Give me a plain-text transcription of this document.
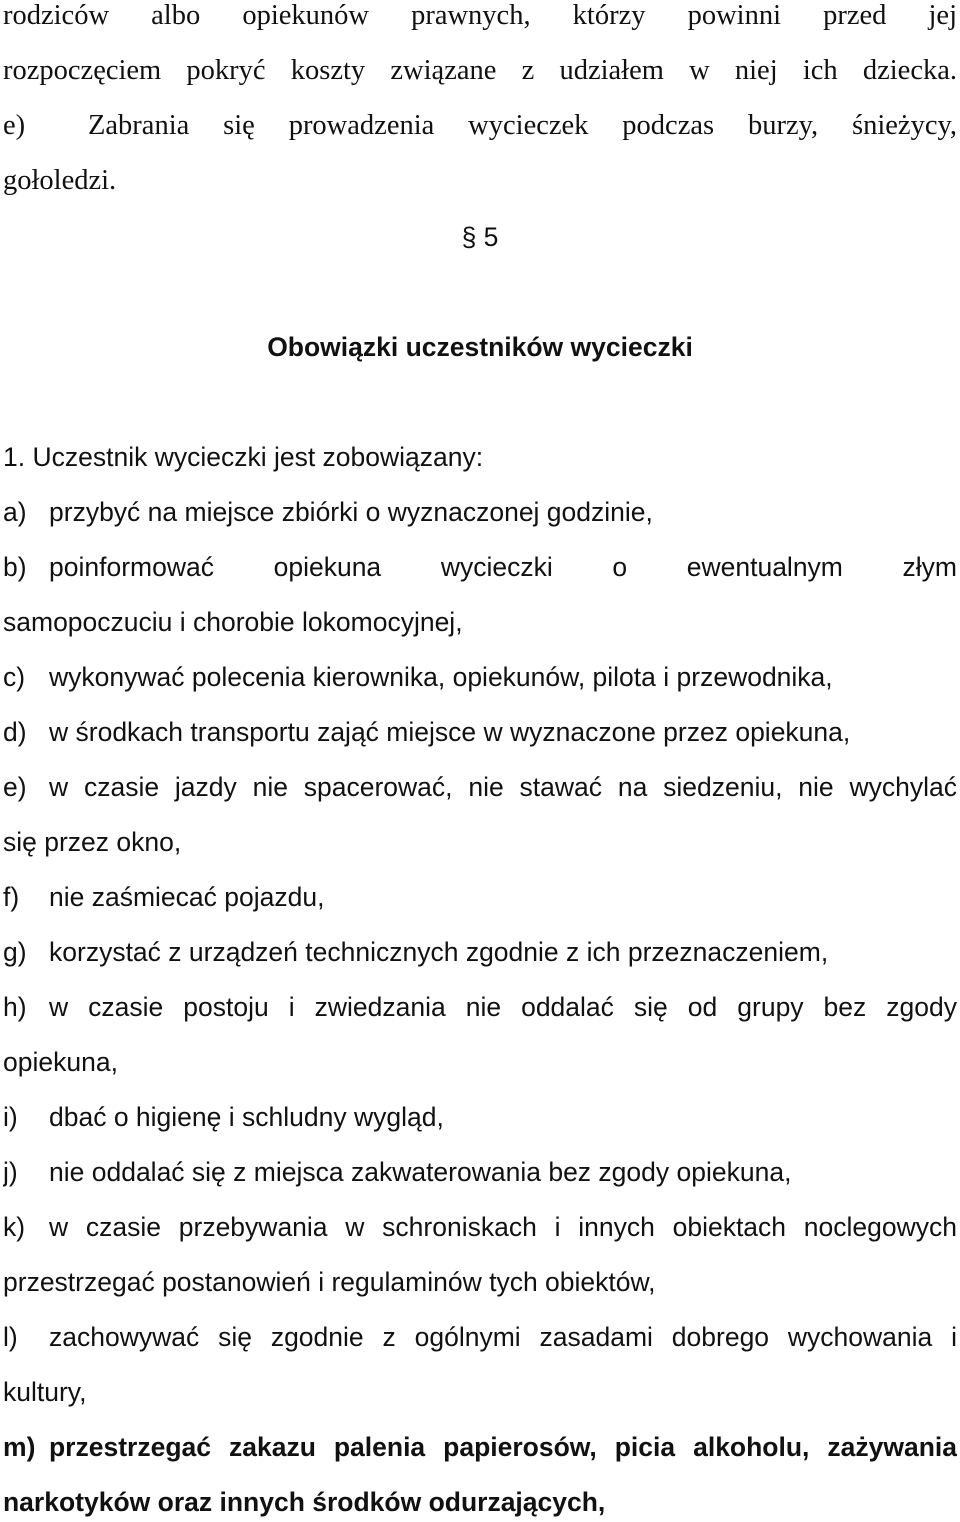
rodziców albo opiekunów prawnych, którzy powinni przed jej
rozpoczęciem pokryć koszty związane z udziałem w niej ich dziecka.
e)	Zabrania się prowadzenia wycieczek podczas burzy, śnieżycy,
gołoledzi.
§ 5
Obowiązki uczestników wycieczki
1. Uczestnik wycieczki jest zobowiązany:
a) przybyć na miejsce zbiórki o wyznaczonej godzinie,
b) poinformować opiekuna wycieczki o ewentualnym złym
samopoczuciu i chorobie lokomocyjnej,
c) wykonywać polecenia kierownika, opiekunów, pilota i przewodnika,
d) w środkach transportu zająć miejsce w wyznaczone przez opiekuna,
e) w czasie jazdy nie spacerować, nie stawać na siedzeniu, nie wychylać
się przez okno,
f) nie zaśmiecać pojazdu,
g) korzystać z urządzeń technicznych zgodnie z ich przeznaczeniem,
h) w czasie postoju i zwiedzania nie oddalać się od grupy bez zgody
opiekuna,
i) dbać o higienę i schludny wygląd,
j) nie oddalać się z miejsca zakwaterowania bez zgody opiekuna,
k) w czasie przebywania w schroniskach i innych obiektach noclegowych
przestrzegać postanowień i regulaminów tych obiektów,
l)	zachowywać się zgodnie z ogólnymi zasadami dobrego wychowania i
kultury,
m) przestrzegać zakazu palenia papierosów, picia alkoholu, zażywania
narkotyków oraz innych środków odurzających,
